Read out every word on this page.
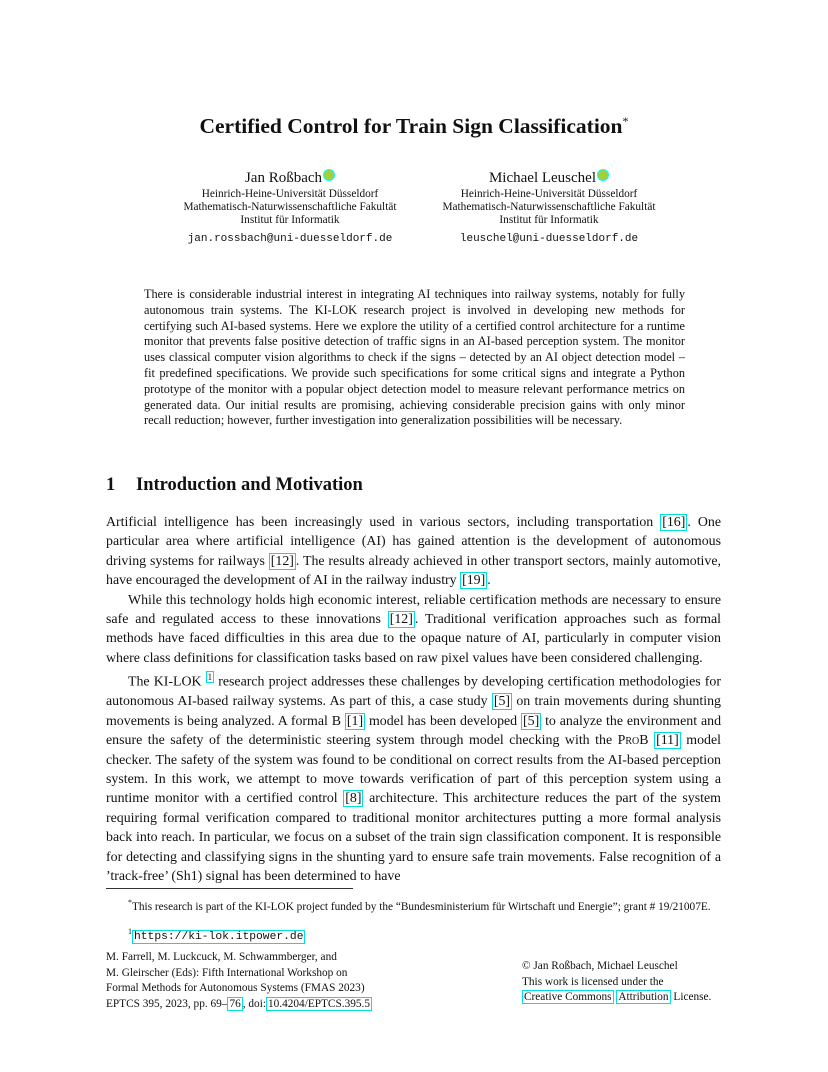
Certified Control for Train Sign Classification*
Jan Roßbach
Heinrich-Heine-Universität Düsseldorf
Mathematisch-Naturwissenschaftliche Fakultät
Institut für Informatik
jan.rossbach@uni-duesseldorf.de
Michael Leuschel
Heinrich-Heine-Universität Düsseldorf
Mathematisch-Naturwissenschaftliche Fakultät
Institut für Informatik
leuschel@uni-duesseldorf.de
There is considerable industrial interest in integrating AI techniques into railway systems, notably for fully autonomous train systems. The KI-LOK research project is involved in developing new methods for certifying such AI-based systems. Here we explore the utility of a certified control architecture for a runtime monitor that prevents false positive detection of traffic signs in an AI-based perception system. The monitor uses classical computer vision algorithms to check if the signs – detected by an AI object detection model – fit predefined specifications. We provide such specifications for some critical signs and integrate a Python prototype of the monitor with a popular object detection model to measure relevant performance metrics on generated data. Our initial results are promising, achieving considerable precision gains with only minor recall reduction; however, further investigation into generalization possibilities will be necessary.
1 Introduction and Motivation

Artificial intelligence has been increasingly used in various sectors, including transportation [16] . One particular area where artificial intelligence (AI) has gained attention is the development of autonomous driving systems for railways [12] . The results already achieved in other transport sectors, mainly automotive, have encouraged the development of AI in the railway industry [19] .

While this technology holds high economic interest, reliable certification methods are necessary to ensure safe and regulated access to these innovations [12] . Traditional verification approaches such as formal methods have faced difficulties in this area due to the opaque nature of AI, particularly in computer vision where class definitions for classification tasks based on raw pixel values have been considered challenging.

The KI-LOK $^1$ research project addresses these challenges by developing certification methodologies for autonomous AI-based railway systems. As part of this, a case study [5] on train movements during shunting movements is being analyzed. A formal B [1] model has been developed [5] to analyze the environment and ensure the safety of the deterministic steering system through model checking with the ProB [11] model checker. The safety of the system was found to be conditional on correct results from the AI-based perception system. In this work, we attempt to move towards verification of part of this perception system using a runtime monitor with a certified control [8] architecture. This architecture reduces the part of the system requiring formal verification compared to traditional monitor architectures putting a more formal analysis back into reach. In particular, we focus on a subset of the train sign classification component. It is responsible for detecting and classifying signs in the shunting yard to ensure safe train movements. False recognition of a ’track-free’ (Sh1) signal has been determined to have

*This research is part of the KI-LOK project funded by the “Bundesministerium für Wirtschaft und Energie”; grant # 19/21007E.
$^1$ https://ki-lok.itpower.de
M. Farrell, M. Luckcuck, M. Schwammberger, and
M. Gleirscher (Eds): Fifth International Workshop on
Formal Methods for Autonomous Systems (FMAS 2023)
EPTCS 395, 2023, pp. 69– 76 , doi: 10.4204/EPTCS.395.5
© Jan Roßbach, Michael Leuschel
This work is licensed under the
Creative Commons Attribution License.
